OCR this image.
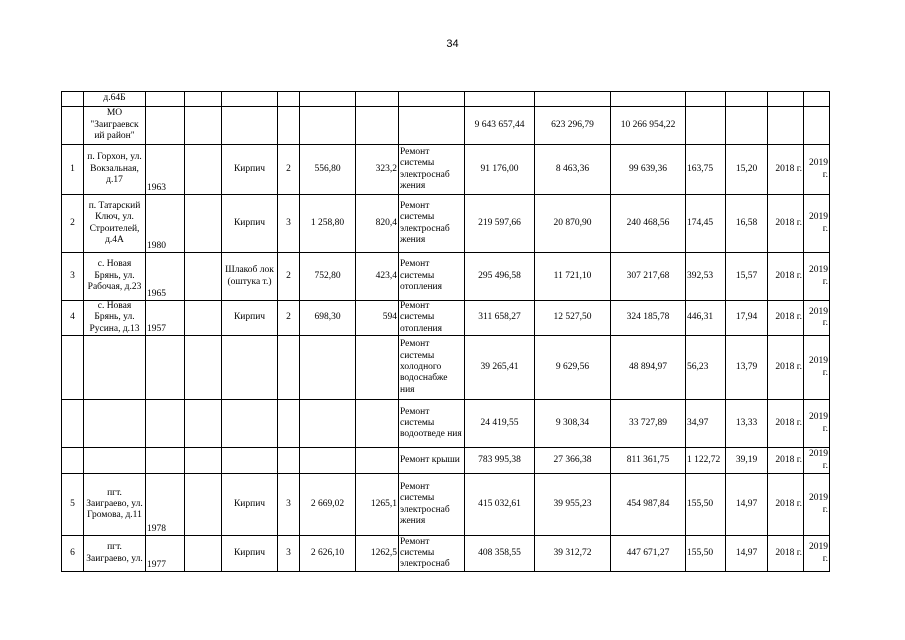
34
	д.64Б														
	МО "Заиграевск ий район"								9 643 657,44	623 296,79	10 266 954,22				
1	п. Горхон, ул. Вокзальная, д.17	1963		Кирпич	2	556,80	323,2	Ремонт системы электроснаб жения	91 176,00	8 463,36	99 639,36	163,75	15,20	2018 г.	2019 г.
2	п. Татарский Ключ, ул. Строителей, д.4А	1980		Кирпич	3	1 258,80	820,4	Ремонт системы электроснаб жения	219 597,66	20 870,90	240 468,56	174,45	16,58	2018 г.	2019 г.
3	с. Новая Брянь, ул. Рабочая, д.23	1965		Шлакоб лок (оштука т.)	2	752,80	423,4	Ремонт системы отопления	295 496,58	11 721,10	307 217,68	392,53	15,57	2018 г.	2019 г.
4	с. Новая Брянь, ул. Русина, д.13	1957		Кирпич	2	698,30	594	Ремонт системы отопления	311 658,27	12 527,50	324 185,78	446,31	17,94	2018 г.	2019 г.
								Ремонт системы холодного водоснабже ния	39 265,41	9 629,56	48 894,97	56,23	13,79	2018 г.	2019 г.
								Ремонт системы водоотведе ния	24 419,55	9 308,34	33 727,89	34,97	13,33	2018 г.	2019 г.
								Ремонт крыши	783 995,38	27 366,38	811 361,75	1 122,72	39,19	2018 г.	2019 г.
5	пгт. Заиграево, ул. Громова, д.11	1978		Кирпич	3	2 669,02	1265,1	Ремонт системы электроснаб жения	415 032,61	39 955,23	454 987,84	155,50	14,97	2018 г.	2019 г.
6	пгт. Заиграево, ул.	1977		Кирпич	3	2 626,10	1262,5	Ремонт системы электроснаб	408 358,55	39 312,72	447 671,27	155,50	14,97	2018 г.	2019 г.
